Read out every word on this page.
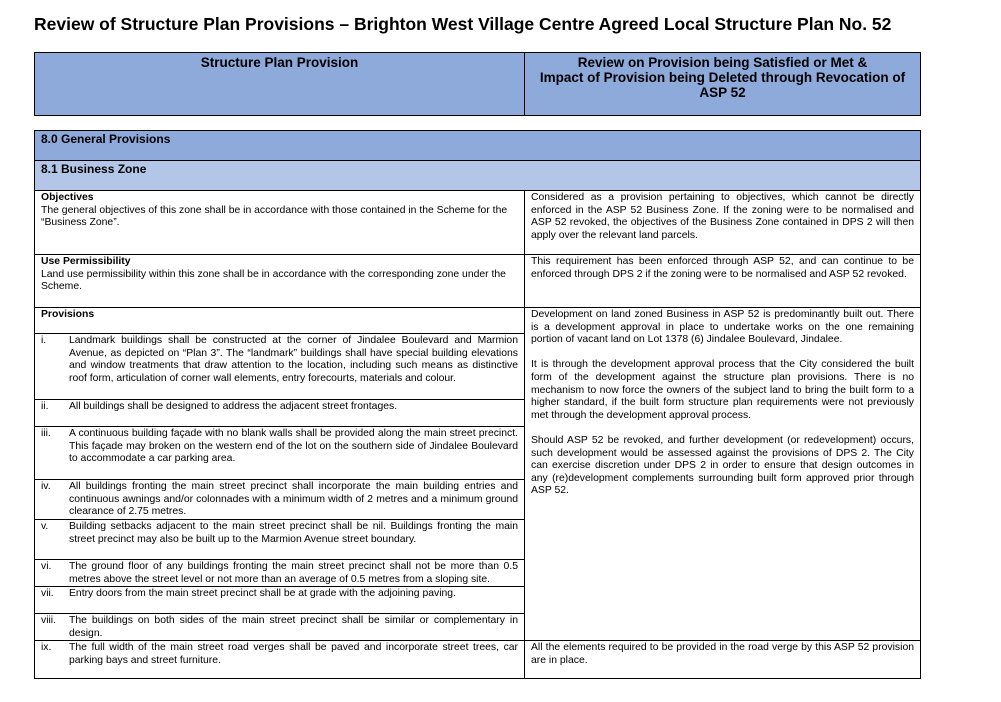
Review of Structure Plan Provisions – Brighton West Village Centre Agreed Local Structure Plan No. 52
Structure Plan Provision	Review on Provision being Satisfied or Met &
Impact of Provision being Deleted through Revocation of
ASP 52
8.0 General Provisions	
8.1 Business Zone	

Objectives
The general objectives of this zone shall be in accordance with those contained in the Scheme for the “Business Zone”.	Considered as a provision pertaining to objectives, which cannot be directly enforced in the ASP 52 Business Zone. If the zoning were to be normalised and ASP 52 revoked, the objectives of the Business Zone contained in DPS 2 will then apply over the relevant land parcels.

Use Permissibility
Land use permissibility within this zone shall be in accordance with the corresponding zone under the Scheme.	This requirement has been enforced through ASP 52, and can continue to be enforced through DPS 2 if the zoning were to be normalised and ASP 52 revoked.
Provisions	Development on land zoned Business in ASP 52 is predominantly built out. There is a development approval in place to undertake works on the one remaining portion of vacant land on Lot 1378 (6) Jindalee Boulevard, Jindalee.
It is through the development approval process that the City considered the built form of the development against the structure plan provisions. There is no mechanism to now force the owners of the subject land to bring the built form to a higher standard, if the built form structure plan requirements were not previously met through the development approval process.
Should ASP 52 be revoked, and further development (or redevelopment) occurs, such development would be assessed against the provisions of DPS 2. The City can exercise discretion under DPS 2 in order to ensure that design outcomes in any (re)development complements surrounding built form approved prior through ASP 52.

i. Landmark buildings shall be constructed at the corner of Jindalee Boulevard and Marmion Avenue, as depicted on “Plan 3”. The “landmark” buildings shall have special building elevations and window treatments that draw attention to the location, including such means as distinctive roof form, articulation of corner wall elements, entry forecourts, materials and colour.	

ii. All buildings shall be designed to address the adjacent street frontages.	

iii. A continuous building façade with no blank walls shall be provided along the main street precinct. This façade may broken on the western end of the lot on the southern side of Jindalee Boulevard to accommodate a car parking area.	

iv. All buildings fronting the main street precinct shall incorporate the main building entries and continuous awnings and/or colonnades with a minimum width of 2 metres and a minimum ground clearance of 2.75 metres.	

v. Building setbacks adjacent to the main street precinct shall be nil. Buildings fronting the main street precinct may also be built up to the Marmion Avenue street boundary.	

vi. The ground floor of any buildings fronting the main street precinct shall not be more than 0.5 metres above the street level or not more than an average of 0.5 metres from a sloping site.	

vii. Entry doors from the main street precinct shall be at grade with the adjoining paving.	

viii. The buildings on both sides of the main street precinct shall be similar or complementary in design.	

ix. The full width of the main street road verges shall be paved and incorporate street trees, car parking bays and street furniture.	All the elements required to be provided in the road verge by this ASP 52 provision are in place.
